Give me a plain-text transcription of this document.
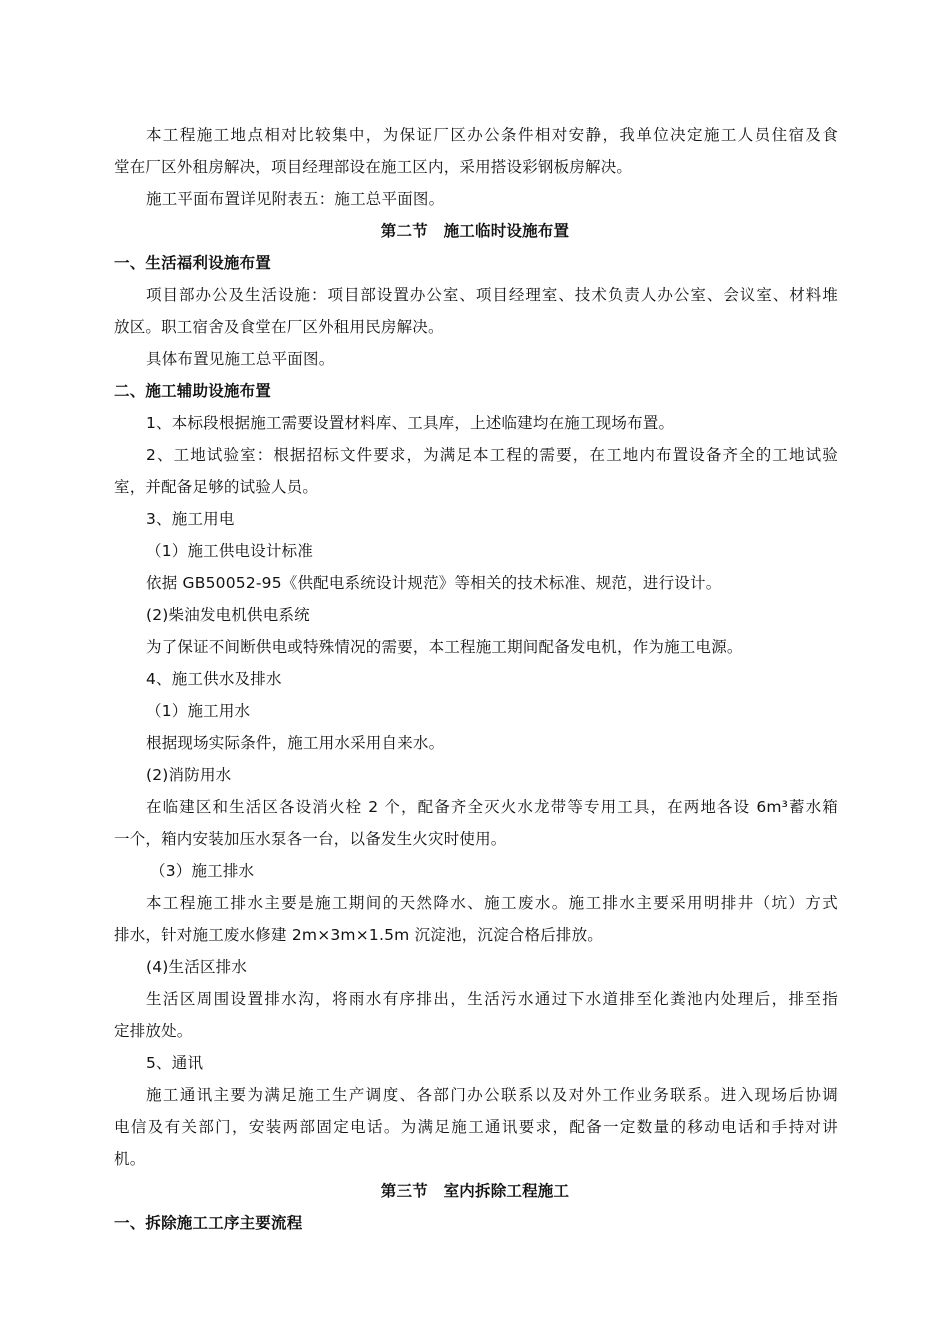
本工程施工地点相对比较集中，为保证厂区办公条件相对安静，我单位决定施工人员住宿及食
堂在厂区外租房解决，项目经理部设在施工区内，采用搭设彩钢板房解决。
施工平面布置详见附表五：施工总平面图。
第二节　施工临时设施布置
一、生活福利设施布置
项目部办公及生活设施：项目部设置办公室、项目经理室、技术负责人办公室、会议室、材料堆
放区。职工宿舍及食堂在厂区外租用民房解决。
具体布置见施工总平面图。
二、施工辅助设施布置
1、本标段根据施工需要设置材料库、工具库，上述临建均在施工现场布置。
2、工地试验室：根据招标文件要求，为满足本工程的需要，在工地内布置设备齐全的工地试验
室，并配备足够的试验人员。
3、施工用电
（1）施工供电设计标准
依据 GB50052-95《供配电系统设计规范》等相关的技术标准、规范，进行设计。
(2)柴油发电机供电系统
为了保证不间断供电或特殊情况的需要，本工程施工期间配备发电机，作为施工电源。
4、施工供水及排水
（1）施工用水
根据现场实际条件，施工用水采用自来水。
(2)消防用水
在临建区和生活区各设消火栓 2 个，配备齐全灭火水龙带等专用工具，在两地各设 6m³蓄水箱
一个，箱内安装加压水泵各一台，以备发生火灾时使用。
（3）施工排水
本工程施工排水主要是施工期间的天然降水、施工废水。施工排水主要采用明排井（坑）方式
排水，针对施工废水修建 2m×3m×1.5m 沉淀池，沉淀合格后排放。
(4)生活区排水
生活区周围设置排水沟，将雨水有序排出，生活污水通过下水道排至化粪池内处理后，排至指
定排放处。
5、通讯
施工通讯主要为满足施工生产调度、各部门办公联系以及对外工作业务联系。进入现场后协调
电信及有关部门，安装两部固定电话。为满足施工通讯要求，配备一定数量的移动电话和手持对讲
机。
第三节　室内拆除工程施工
一、拆除施工工序主要流程
